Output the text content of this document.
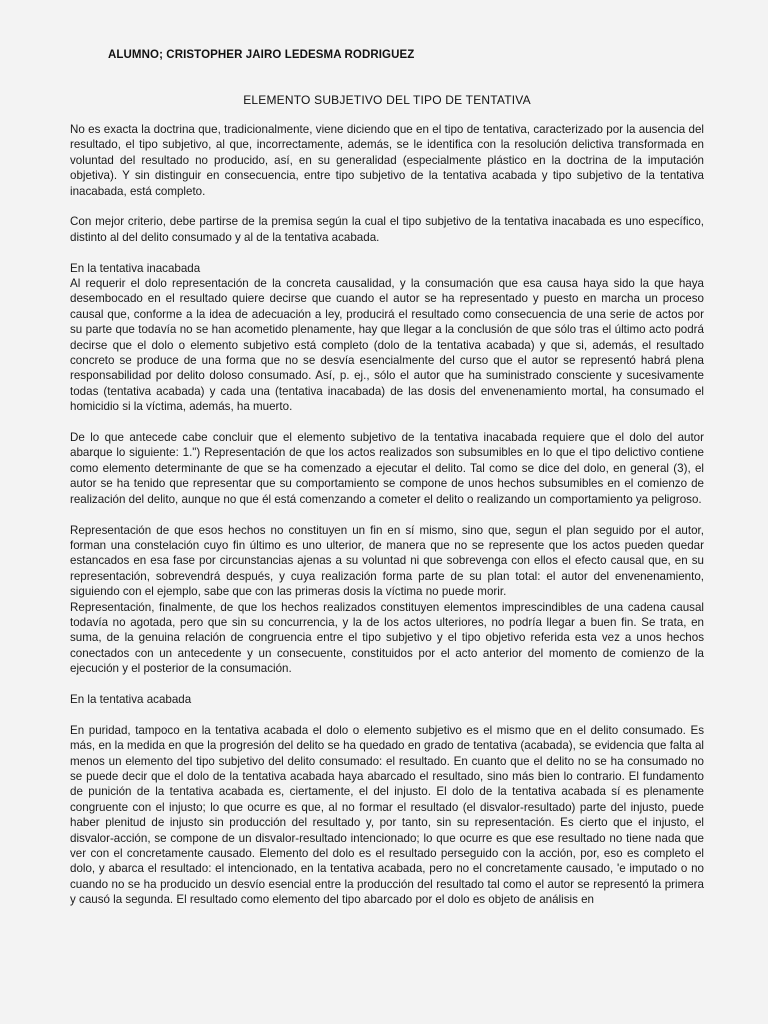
ALUMNO; CRISTOPHER JAIRO LEDESMA RODRIGUEZ
ELEMENTO SUBJETIVO DEL TIPO DE TENTATIVA

No es exacta la doctrina que, tradicionalmente, viene diciendo que en el tipo de tentativa, caracterizado por la ausencia del resultado, el tipo subjetivo, al que, incorrectamente, además, se le identifica con la resolución delictiva transformada en voluntad del resultado no producido, así, en su generalidad (especialmente plástico en la doctrina de la imputación objetiva). Y sin distinguir en consecuencia, entre tipo subjetivo de la tentativa acabada y tipo subjetivo de la tentativa inacabada, está completo.

Con mejor criterio, debe partirse de la premisa según la cual el tipo subjetivo de la tentativa inacabada es uno específico, distinto al del delito consumado y al de la tentativa acabada.

En la tentativa inacabada

Al requerir el dolo representación de la concreta causalidad, y la consumación que esa causa haya sido la que haya desembocado en el resultado quiere decirse que cuando el autor se ha representado y puesto en marcha un proceso causal que, conforme a la idea de adecuación a ley, producirá el resultado como consecuencia de una serie de actos por su parte que todavía no se han acometido plenamente, hay que llegar a la conclusión de que sólo tras el último acto podrá decirse que el dolo o elemento subjetivo está completo (dolo de la tentativa acabada) y que si, además, el resultado concreto se produce de una forma que no se desvía esencialmente del curso que el autor se representó habrá plena responsabilidad por delito doloso consumado. Así, p. ej., sólo el autor que ha suministrado consciente y sucesivamente todas (tentativa acabada) y cada una (tentativa inacabada) de las dosis del envenenamiento mortal, ha consumado el homicidio si la víctima, además, ha muerto.

De lo que antecede cabe concluir que el elemento subjetivo de la tentativa inacabada requiere que el dolo del autor abarque lo siguiente: 1.") Representación de que los actos realizados son subsumibles en lo que el tipo delictivo contiene como elemento determinante de que se ha comenzado a ejecutar el delito. Tal como se dice del dolo, en general (3), el autor se ha tenido que representar que su comportamiento se compone de unos hechos subsumibles en el comienzo de realización del delito, aunque no que él está comenzando a cometer el delito o realizando un comportamiento ya peligroso.

Representación de que esos hechos no constituyen un fin en sí mismo, sino que, segun el plan seguido por el autor, forman una constelación cuyo fin último es uno ulterior, de manera que no se represente que los actos pueden quedar estancados en esa fase por circunstancias ajenas a su voluntad ni que sobrevenga con ellos el efecto causal que, en su representación, sobrevendrá después, y cuya realización forma parte de su plan total: el autor del envenenamiento, siguiendo con el ejemplo, sabe que con las primeras dosis la víctima no puede morir.

Representación, finalmente, de que los hechos realizados constituyen elementos imprescindibles de una cadena causal todavía no agotada, pero que sin su concurrencia, y la de los actos ulteriores, no podría llegar a buen fin. Se trata, en suma, de la genuina relación de congruencia entre el tipo subjetivo y el tipo objetivo referida esta vez a unos hechos conectados con un antecedente y un consecuente, constituidos por el acto anterior del momento de comienzo de la ejecución y el posterior de la consumación.

En la tentativa acabada

En puridad, tampoco en la tentativa acabada el dolo o elemento subjetivo es el mismo que en el delito consumado. Es más, en la medida en que la progresión del delito se ha quedado en grado de tentativa (acabada), se evidencia que falta al menos un elemento del tipo subjetivo del delito consumado: el resultado. En cuanto que el delito no se ha consumado no se puede decir que el dolo de la tentativa acabada haya abarcado el resultado, sino más bien lo contrario. El fundamento de punición de la tentativa acabada es, ciertamente, el del injusto. El dolo de la tentativa acabada sí es plenamente congruente con el injusto; lo que ocurre es que, al no formar el resultado (el disvalor-resultado) parte del injusto, puede haber plenitud de injusto sin producción del resultado y, por tanto, sin su representación. Es cierto que el injusto, el disvalor-acción, se compone de un disvalor-resultado intencionado; lo que ocurre es que ese resultado no tiene nada que ver con el concretamente causado. Elemento del dolo es el resultado perseguido con la acción, por, eso es completo el dolo, y abarca el resultado: el intencionado, en la tentativa acabada, pero no el concretamente causado, 'e imputado o no cuando no se ha producido un desvío esencial entre la producción del resultado tal como el autor se representó la primera y causó la segunda. El resultado como elemento del tipo abarcado por el dolo es objeto de análisis en
